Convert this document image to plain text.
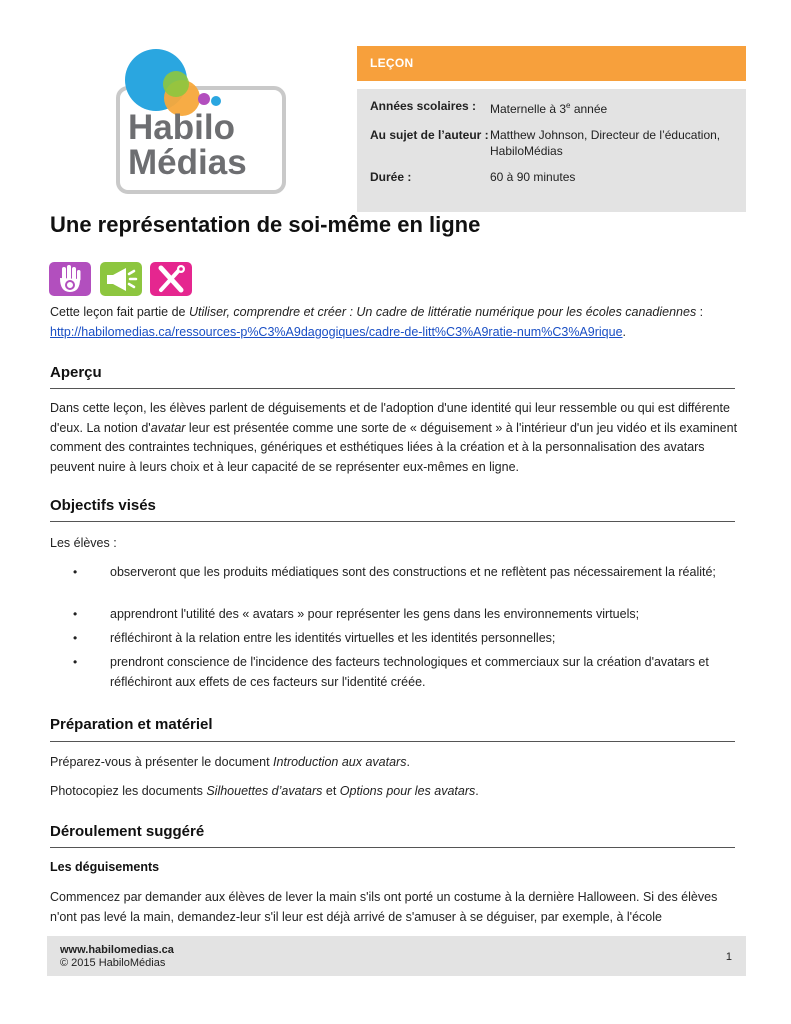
Habilo
Médias
LEÇON
Années scolaires :	Maternelle à 3e année
Au sujet de l’auteur : Matthew Johnson, Directeur de l’éducation, HabiloMédias
Durée :	60 à 90 minutes
Une représentation de soi-même en ligne

Cette leçon fait partie de Utiliser, comprendre et créer : Un cadre de littératie numérique pour les écoles canadiennes :
http://habilomedias.ca/ressources-p%C3%A9dagogiques/cadre-de-litt%C3%A9ratie-num%C3%A9rique.

Aperçu

Dans cette leçon, les élèves parlent de déguisements et de l'adoption d'une identité qui leur ressemble ou qui est différente d'eux. La notion d'avatar leur est présentée comme une sorte de « déguisement » à l'intérieur d'un jeu vidéo et ils examinent comment des contraintes techniques, génériques et esthétiques liées à la création et à la personnalisation des avatars peuvent nuire à leurs choix et à leur capacité de se représenter eux-mêmes en ligne.

Objectifs visés

Les élèves :

•	observeront que les produits médiatiques sont des constructions et ne reflètent pas nécessairement la réalité;
•	apprendront l'utilité des « avatars » pour représenter les gens dans les environnements virtuels;
•	réfléchiront à la relation entre les identités virtuelles et les identités personnelles;
•	prendront conscience de l'incidence des facteurs technologiques et commerciaux sur la création d'avatars et réfléchiront aux effets de ces facteurs sur l'identité créée.
Préparation et matériel

Préparez-vous à présenter le document Introduction aux avatars.

Photocopiez les documents Silhouettes d’avatars et Options pour les avatars.

Déroulement suggéré
Les déguisements

Commencez par demander aux élèves de lever la main s'ils ont porté un costume à la dernière Halloween. Si des élèves n'ont pas levé la main, demandez-leur s'il leur est déjà arrivé de s'amuser à se déguiser, par exemple, à l'école

www.habilomedias.ca
© 2015 HabiloMédias	1
